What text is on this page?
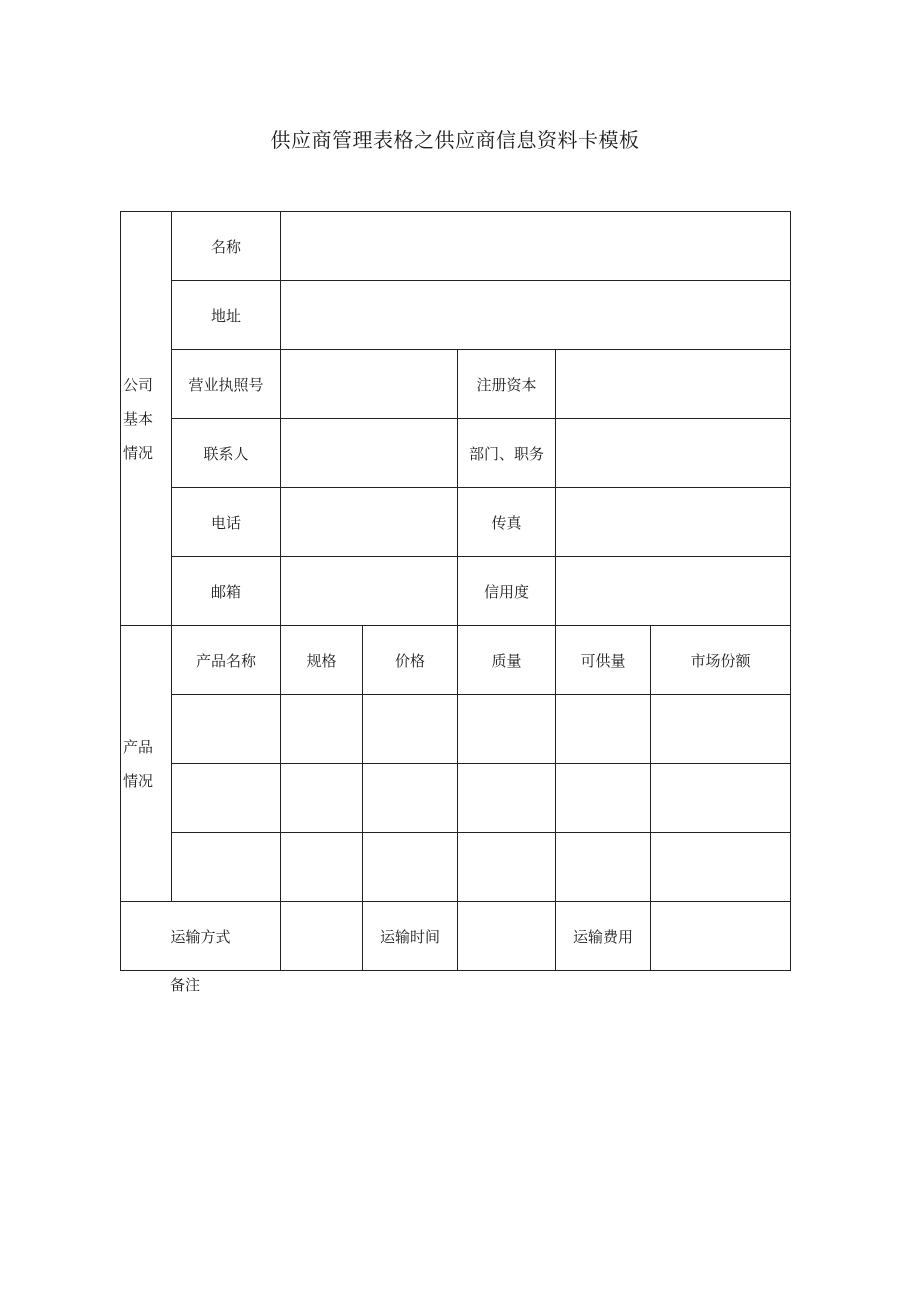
供应商管理表格之供应商信息资料卡模板
公司
基本
情况	名称					
	地址					
	营业执照号			注册资本		
	联系人			部门、职务		
	电话			传真		
	邮箱			信用度		

产品
情况	产品名称	规格	价格	质量	可供量	市场份额

运输方式			运输时间		运输费用	
备注
